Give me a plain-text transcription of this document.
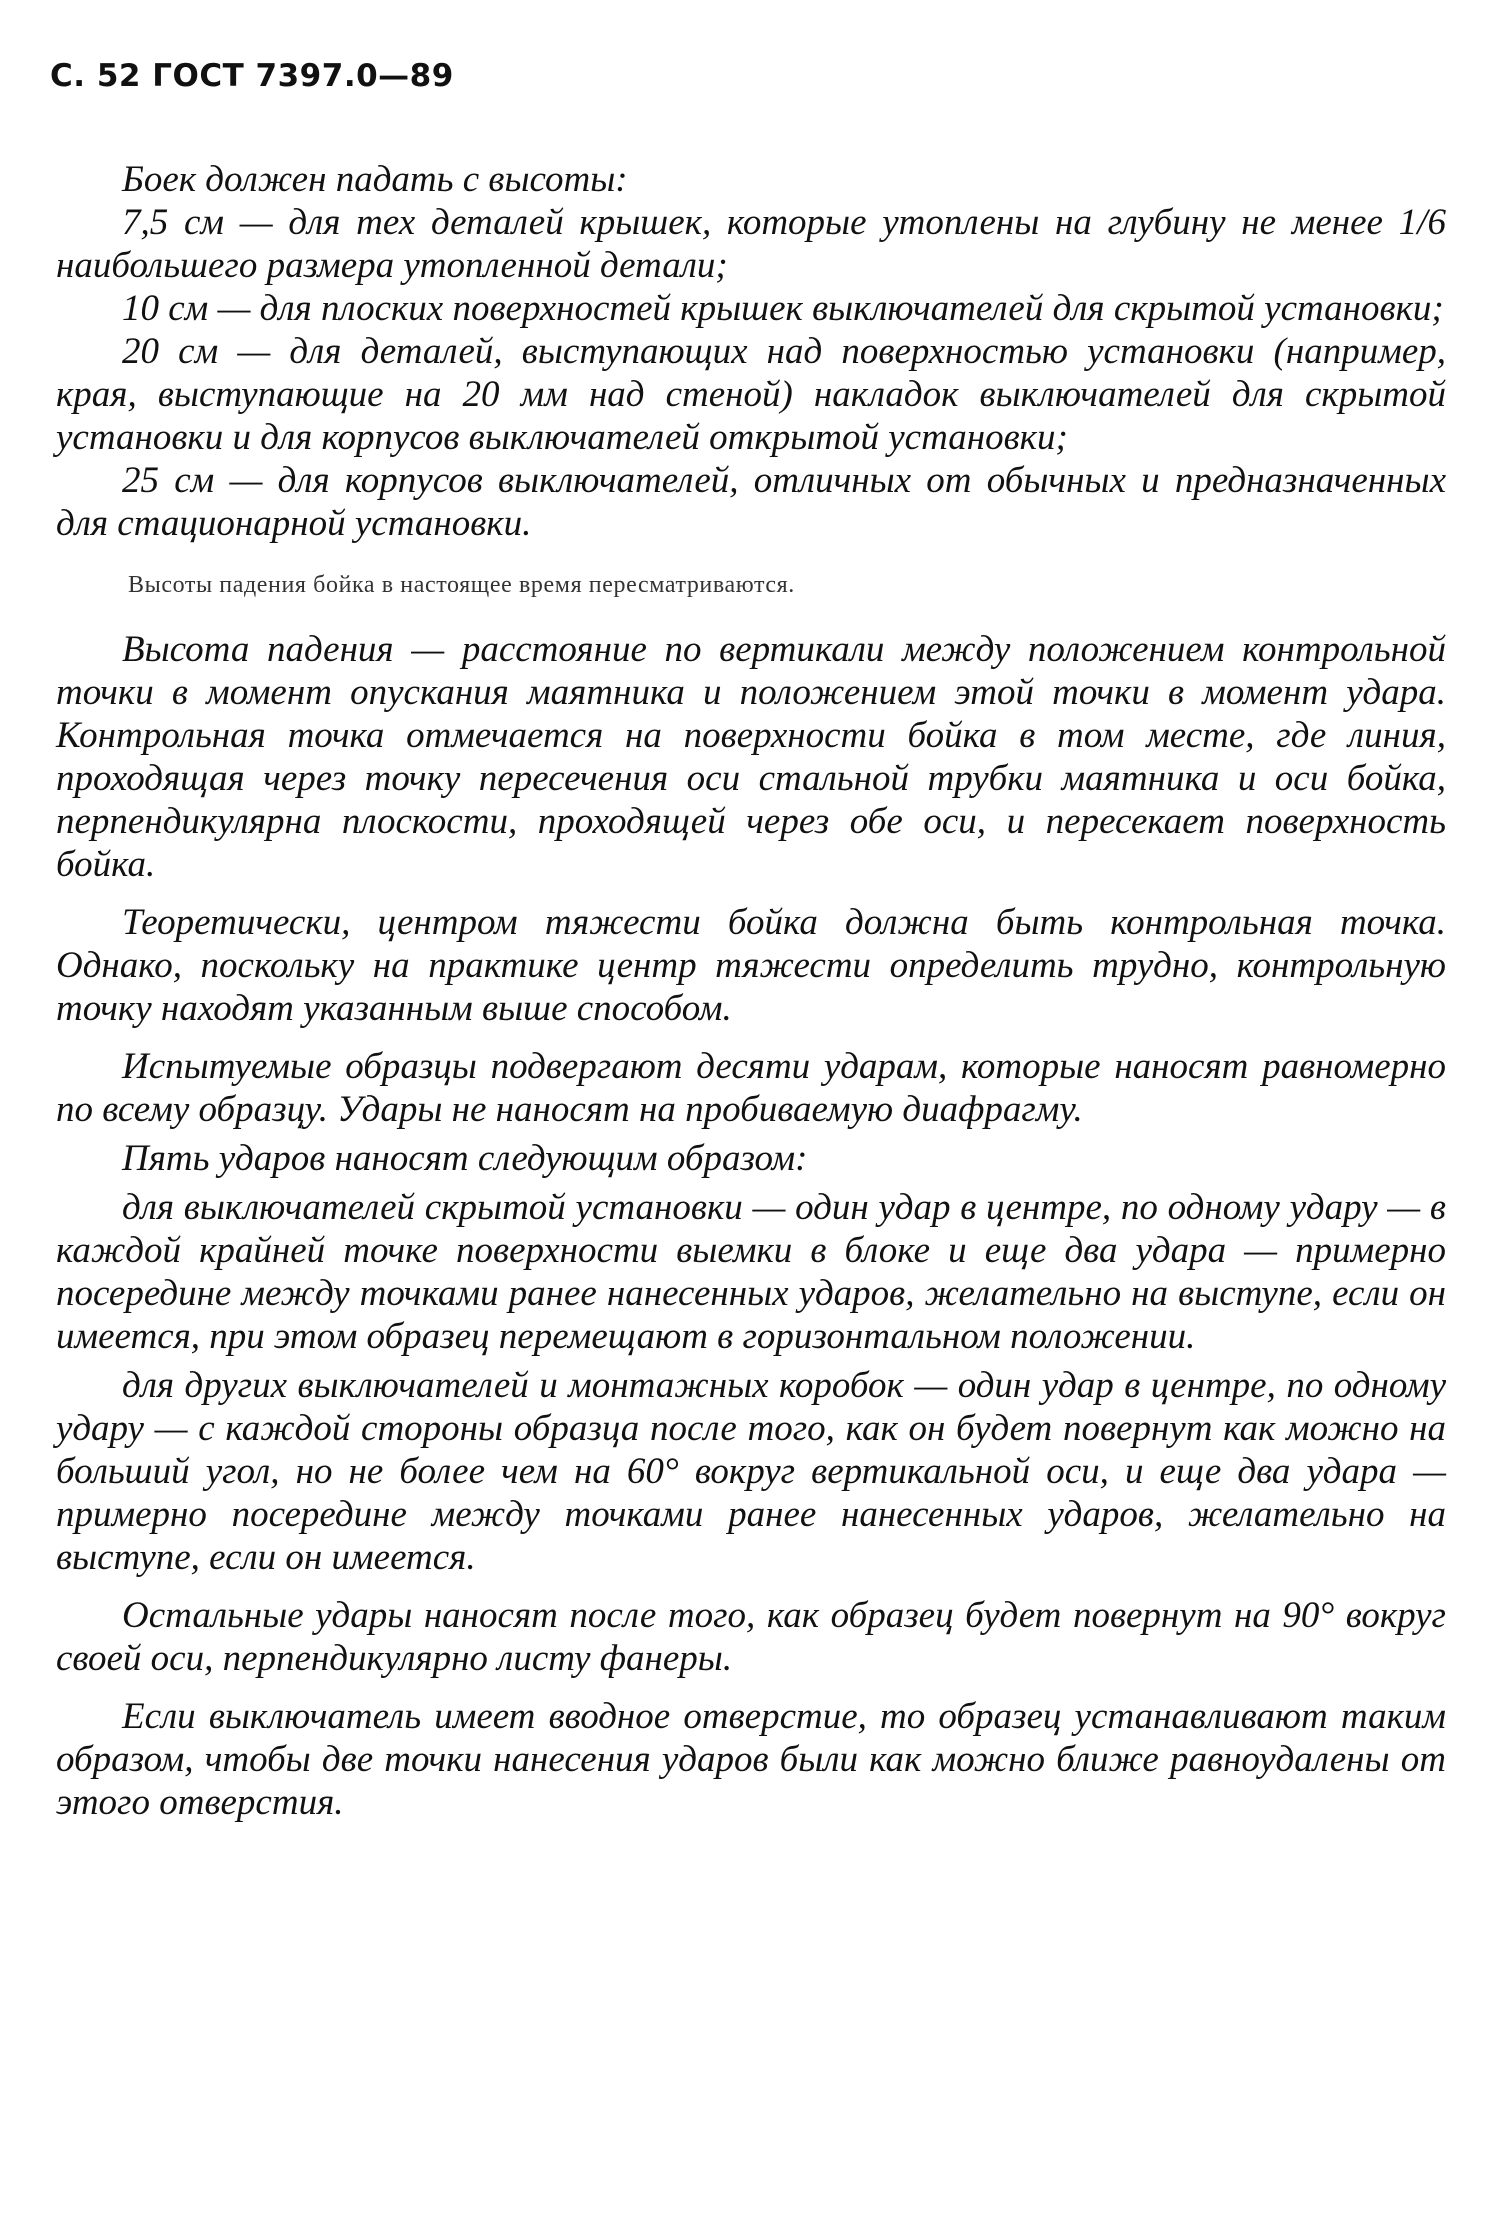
С. 52 ГОСТ 7397.0—89

Боек должен падать с высоты:

7,5 см — для тех деталей крышек, которые утоплены на глубину не менее 1/6 наибольшего размера утопленной детали;

10 см — для плоских поверхностей крышек выключателей для скрытой установки;

20 см — для деталей, выступающих над поверхностью установки (например, края, выступающие на 20 мм над стеной) накладок выключателей для скрытой установки и для корпусов выключателей открытой установки;

25 см — для корпусов выключателей, отличных от обычных и предназначенных для стационарной установки.

Высоты падения бойка в настоящее время пересматриваются.

Высота падения — расстояние по вертикали между положением контрольной точки в момент опускания маятника и положением этой точки в момент удара. Контрольная точка отмечается на поверхности бойка в том месте, где линия, проходящая через точку пересечения оси стальной трубки маятника и оси бойка, перпендикулярна плоскости, проходящей через обе оси, и пересекает поверхность бойка.

Теоретически, центром тяжести бойка должна быть контрольная точка. Однако, поскольку на практике центр тяжести определить трудно, контрольную точку находят указанным выше способом.

Испытуемые образцы подвергают десяти ударам, которые наносят равномерно по всему образцу. Удары не наносят на пробиваемую диафрагму.

Пять ударов наносят следующим образом:

для выключателей скрытой установки — один удар в центре, по одному удару — в каждой крайней точке поверхности выемки в блоке и еще два удара — примерно посередине между точками ранее нанесенных ударов, желательно на выступе, если он имеется, при этом образец перемещают в горизонтальном положении.

для других выключателей и монтажных коробок — один удар в центре, по одному удару — с каждой стороны образца после того, как он будет повернут как можно на больший угол, но не более чем на 60° вокруг вертикальной оси, и еще два удара — примерно посередине между точками ранее нанесенных ударов, желательно на выступе, если он имеется.

Остальные удары наносят после того, как образец будет повернут на 90° вокруг своей оси, перпендикулярно листу фанеры.

Если выключатель имеет вводное отверстие, то образец устанавливают таким образом, чтобы две точки нанесения ударов были как можно ближе равноудалены от этого отверстия.
